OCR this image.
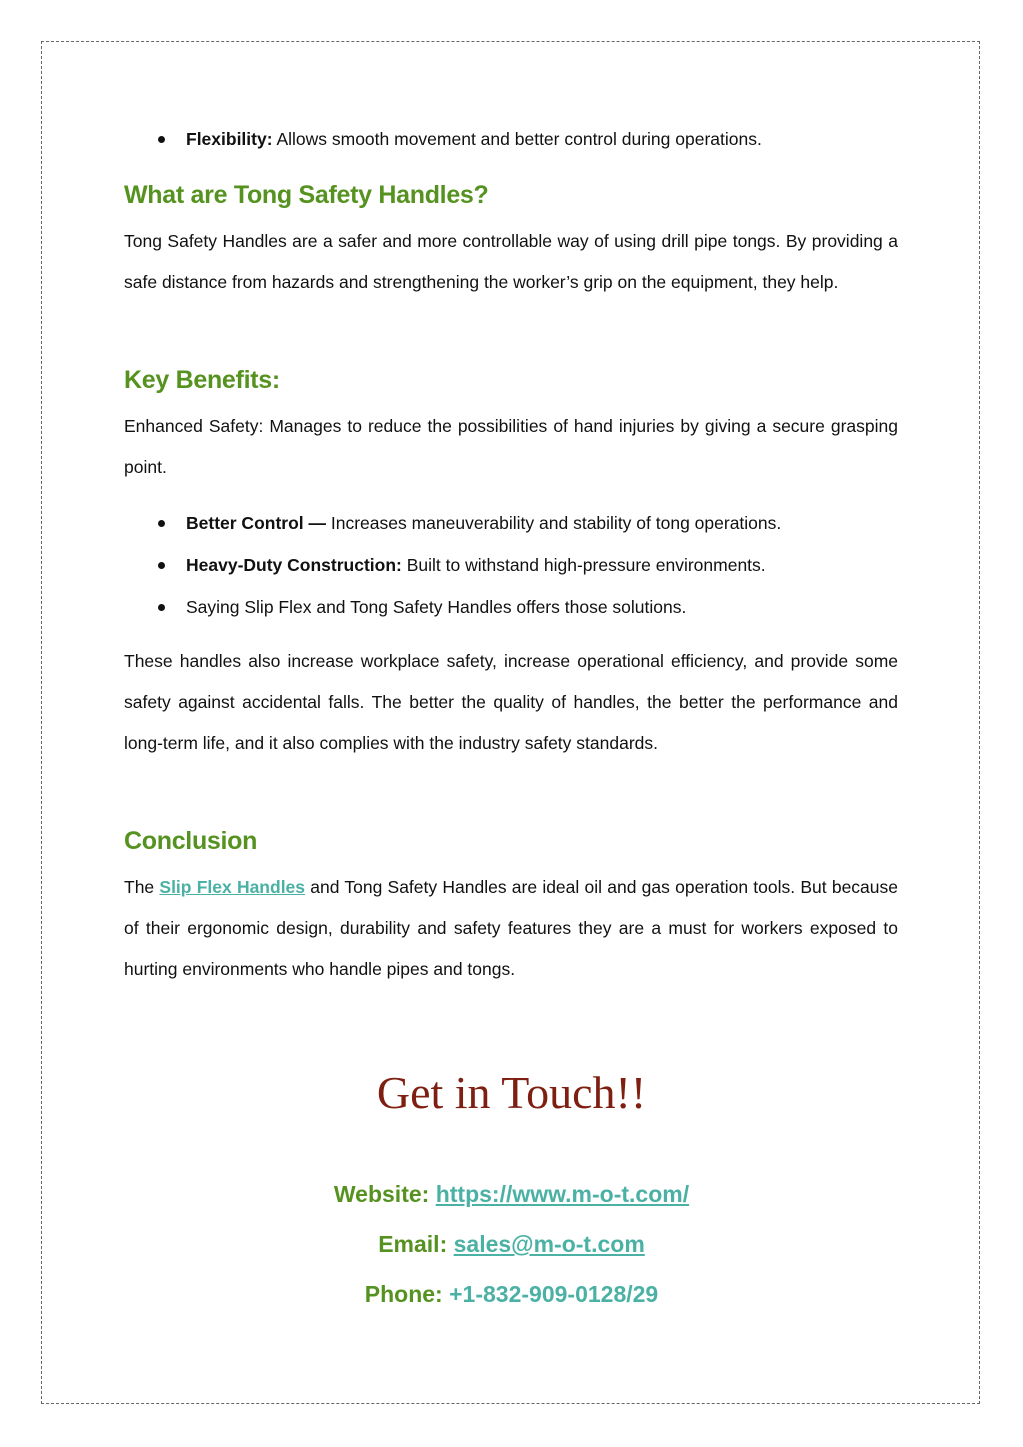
Flexibility: Allows smooth movement and better control during operations.
What are Tong Safety Handles?
Tong Safety Handles are a safer and more controllable way of using drill pipe tongs. By providing a safe distance from hazards and strengthening the worker’s grip on the equipment, they help.
Key Benefits:
Enhanced Safety: Manages to reduce the possibilities of hand injuries by giving a secure grasping point.
Better Control — Increases maneuverability and stability of tong operations.
Heavy-Duty Construction: Built to withstand high-pressure environments.
Saying Slip Flex and Tong Safety Handles offers those solutions.
These handles also increase workplace safety, increase operational efficiency, and provide some safety against accidental falls. The better the quality of handles, the better the performance and long-term life, and it also complies with the industry safety standards.
Conclusion
The Slip Flex Handles and Tong Safety Handles are ideal oil and gas operation tools. But because of their ergonomic design, durability and safety features they are a must for workers exposed to hurting environments who handle pipes and tongs.
Get in Touch!!
Website: https://www.m-o-t.com/
Email: sales@m-o-t.com
Phone: +1-832-909-0128/29
